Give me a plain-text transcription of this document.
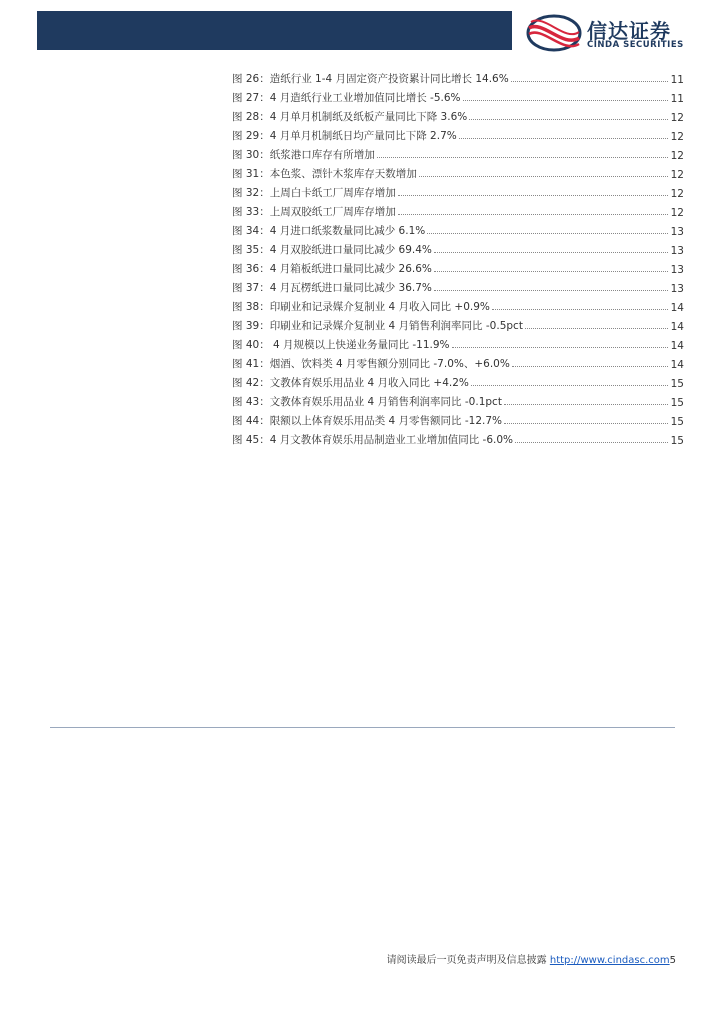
信达证券
CINDA SECURITIES
图 26：造纸行业 1-4 月固定资产投资累计同比增长 14.6%	11
图 27：4 月造纸行业工业增加值同比增长 -5.6%	11
图 28：4 月单月机制纸及纸板产量同比下降 3.6%	12
图 29：4 月单月机制纸日均产量同比下降 2.7%	12
图 30：纸浆港口库存有所增加	12
图 31：本色浆、漂针木浆库存天数增加	12
图 32：上周白卡纸工厂周库存增加	12
图 33：上周双胶纸工厂周库存增加	12
图 34：4 月进口纸浆数量同比减少 6.1%	13
图 35：4 月双胶纸进口量同比减少 69.4%	13
图 36：4 月箱板纸进口量同比减少 26.6%	13
图 37：4 月瓦楞纸进口量同比减少 36.7%	13
图 38：印刷业和记录媒介复制业 4 月收入同比 +0.9%	14
图 39：印刷业和记录媒介复制业 4 月销售利润率同比 -0.5pct	14
图 40： 4 月规模以上快递业务量同比 -11.9%	14
图 41：烟酒、饮料类 4 月零售额分别同比 -7.0%、+6.0%	14
图 42：文教体育娱乐用品业 4 月收入同比 +4.2%	15
图 43：文教体育娱乐用品业 4 月销售利润率同比 -0.1pct	15
图 44：限额以上体育娱乐用品类 4 月零售额同比 -12.7%	15
图 45：4 月文教体育娱乐用品制造业工业增加值同比 -6.0%	15
请阅读最后一页免责声明及信息披露 http://www.cindasc.com5
